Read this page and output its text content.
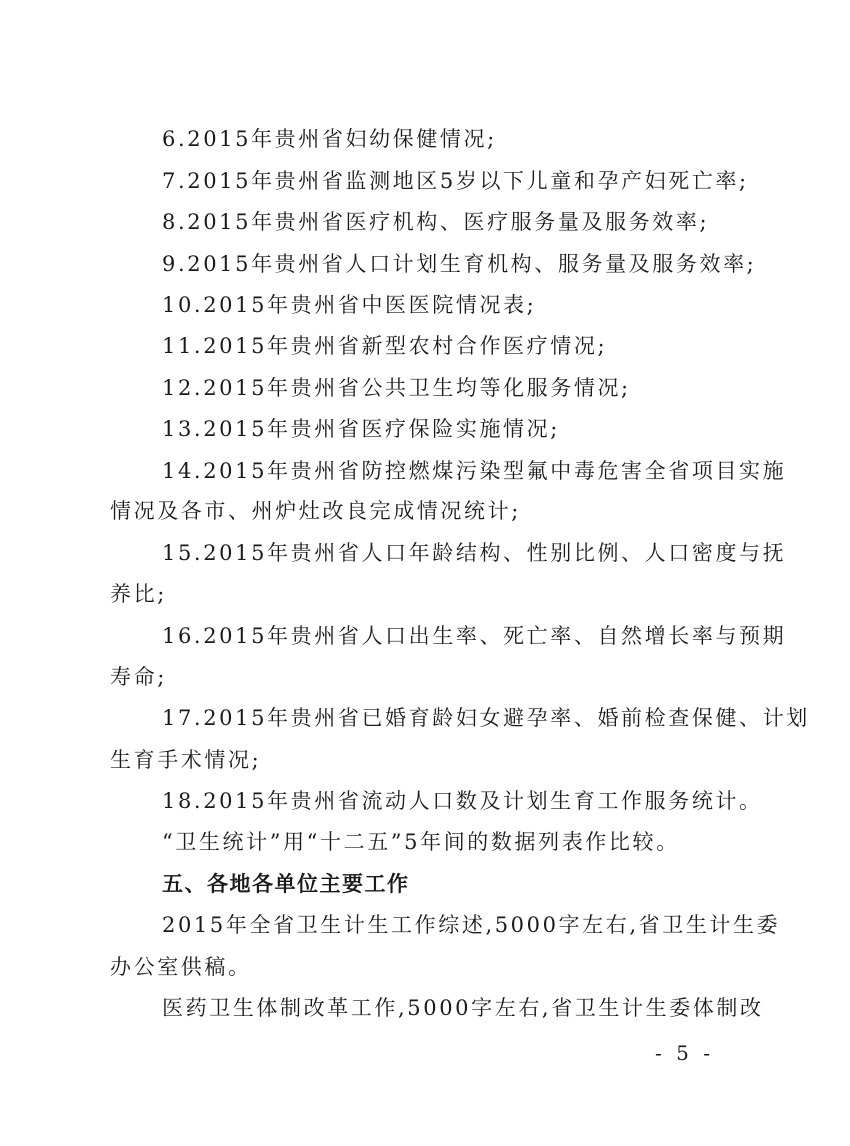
6.2015年贵州省妇幼保健情况;
7.2015年贵州省监测地区5岁以下儿童和孕产妇死亡率;
8.2015年贵州省医疗机构、医疗服务量及服务效率;
9.2015年贵州省人口计划生育机构、服务量及服务效率;
10.2015年贵州省中医医院情况表;
11.2015年贵州省新型农村合作医疗情况;
12.2015年贵州省公共卫生均等化服务情况;
13.2015年贵州省医疗保险实施情况;
14.2015年贵州省防控燃煤污染型氟中毒危害全省项目实施
情况及各市、州炉灶改良完成情况统计;
15.2015年贵州省人口年龄结构、性别比例、人口密度与抚
养比;
16.2015年贵州省人口出生率、死亡率、自然增长率与预期
寿命;
17.2015年贵州省已婚育龄妇女避孕率、婚前检查保健、计划
生育手术情况;
18.2015年贵州省流动人口数及计划生育工作服务统计。
“卫生统计”用“十二五”5年间的数据列表作比较。
五、各地各单位主要工作
2015年全省卫生计生工作综述,5000字左右,省卫生计生委
办公室供稿。
医药卫生体制改革工作,5000字左右,省卫生计生委体制改
- 5 -
